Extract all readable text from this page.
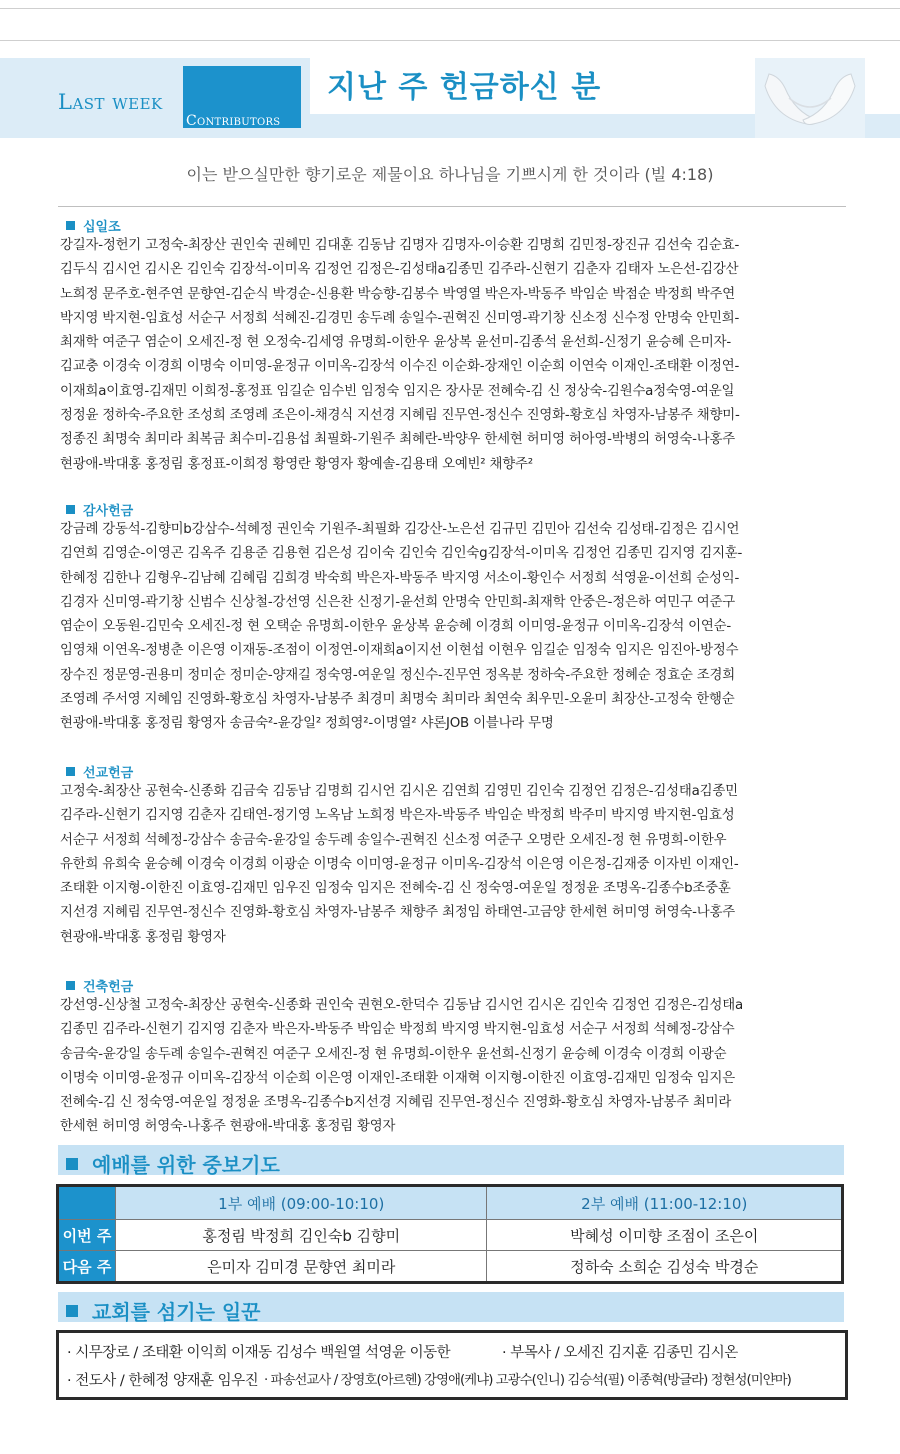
Last week
Contributors
지난 주 헌금하신 분
이는 받으실만한 향기로운 제물이요 하나님을 기쁘시게 한 것이라 (빌 4:18)
십일조

강길자-정헌기 고정숙-최장산 권인숙 권혜민 김대훈 김동남 김명자 김명자-이승환 김명희 김민정-장진규 김선숙 김순효-

김두식 김시언 김시온 김인숙 김장석-이미옥 김정언 김정은-김성태a김종민 김주라-신현기 김춘자 김태자 노은선-김강산

노희정 문주호-현주연 문향연-김순식 박경순-신용환 박승향-김봉수 박영열 박은자-박동주 박임순 박점순 박정희 박주연

박지영 박지현-임효성 서순구 서정희 석혜진-김경민 송두례 송일수-권혁진 신미영-곽기창 신소정 신수정 안명숙 안민희-

최재학 여준구 염순이 오세진-정 현 오정숙-김세영 유명희-이한우 윤상복 윤선미-김종석 윤선희-신정기 윤승혜 은미자-

김교충 이경숙 이경희 이명숙 이미영-윤정규 이미옥-김장석 이수진 이순화-장재인 이순희 이연숙 이재인-조태환 이정연-

이재희a이효영-김재민 이희정-홍정표 임길순 임수빈 임정숙 임지은 장사문 전혜숙-김 신 정상숙-김원수a정숙영-여운일

정정윤 정하숙-주요한 조성희 조영례 조은이-채경식 지선경 지혜림 진무연-정신수 진영화-황호심 차영자-남봉주 채향미-

정종진 최명숙 최미라 최복금 최수미-김용섭 최필화-기원주 최혜란-박양우 한세현 허미영 허아영-박병의 허영숙-나홍주

현광애-박대홍 홍정림 홍정표-이희정 황영란 황영자 황예솔-김용태 오예빈² 채향주²

감사헌금

강금례 강동석-김향미b강삼수-석혜정 권인숙 기원주-최필화 김강산-노은선 김규민 김민아 김선숙 김성태-김정은 김시언

김연희 김영순-이영곤 김옥주 김용준 김용현 김은성 김이숙 김인숙 김인숙g김장석-이미옥 김정언 김종민 김지영 김지훈-

한혜정 김한나 김형우-김남혜 김혜림 김희경 박숙희 박은자-박동주 박지영 서소이-황인수 서정희 석영윤-이선희 순성익-

김경자 신미영-곽기창 신범수 신상철-강선영 신은찬 신정기-윤선희 안명숙 안민희-최재학 안중은-정은하 여민구 여준구

염순이 오동원-김민숙 오세진-정 현 오택순 유명희-이한우 윤상복 윤승혜 이경희 이미영-윤정규 이미옥-김장석 이연순-

임영채 이연옥-정병춘 이은영 이재동-조점이 이정연-이재희a이지선 이현섭 이현우 임길순 임정숙 임지은 임진아-방정수

장수진 정문영-권용미 정미순 정미순-양재길 정숙영-여운일 정신수-진무연 정옥분 정하숙-주요한 정혜순 정효순 조경희

조영례 주서영 지혜임 진영화-황호심 차영자-남봉주 최경미 최명숙 최미라 최연숙 최우민-오윤미 최장산-고정숙 한행순

현광애-박대홍 홍정림 황영자 송금숙²-윤강일² 정희영²-이명열² 샤론JOB 이블나라 무명

선교헌금

고정숙-최장산 공현숙-신종화 김금숙 김동남 김명희 김시언 김시온 김연희 김영민 김인숙 김정언 김정은-김성태a김종민

김주라-신현기 김지영 김춘자 김태연-정기영 노옥남 노희정 박은자-박동주 박임순 박정희 박주미 박지영 박지현-임효성

서순구 서정희 석혜정-강삼수 송금숙-윤강일 송두례 송일수-권혁진 신소정 여준구 오명란 오세진-정 현 유명희-이한우

유한희 유희숙 윤승혜 이경숙 이경희 이광순 이명숙 이미영-윤정규 이미옥-김장석 이은영 이은정-김재중 이자빈 이재인-

조태환 이지형-이한진 이효영-김재민 임우진 임정숙 임지은 전혜숙-김 신 정숙영-여운일 정정윤 조명옥-김종수b조중훈

지선경 지혜림 진무연-정신수 진영화-황호심 차영자-남봉주 채향주 최정임 하태연-고금양 한세현 허미영 허영숙-나홍주

현광애-박대홍 홍정림 황영자

건축헌금

강선영-신상철 고정숙-최장산 공현숙-신종화 권인숙 권현오-한덕수 김동남 김시언 김시온 김인숙 김정언 김정은-김성태a

김종민 김주라-신현기 김지영 김춘자 박은자-박동주 박임순 박정희 박지영 박지현-임효성 서순구 서정희 석혜정-강삼수

송금숙-윤강일 송두례 송일수-권혁진 여준구 오세진-정 현 유명희-이한우 윤선희-신정기 윤승혜 이경숙 이경희 이광순

이명숙 이미영-윤정규 이미옥-김장석 이순희 이은영 이재인-조태환 이재혁 이지형-이한진 이효영-김재민 임정숙 임지은

전혜숙-김 신 정숙영-여운일 정정윤 조명옥-김종수b지선경 지혜림 진무연-정신수 진영화-황호심 차영자-남봉주 최미라

한세현 허미영 허영숙-나홍주 현광애-박대홍 홍정림 황영자

예배를 위한 중보기도
	1부 예배 (09:00-10:10)	2부 예배 (11:00-12:10)
이번 주	홍정림 박정희 김인숙b 김향미	박혜성 이미향 조점이 조은이
다음 주	은미자 김미경 문향연 최미라	정하숙 소희순 김성숙 박경순
교회를 섬기는 일꾼
· 시무장로 / 조태환 이익희 이재동 김성수 백원열 석영윤 이동한	· 부목사 / 오세진 김지훈 김종민 김시온
· 전도사 / 한혜정 양재훈 임우진 · 파송선교사 / 장영호(아르헨) 강영애(케냐) 고광수(인니) 김승석(필) 이종혁(방글라) 정현성(미얀마)
